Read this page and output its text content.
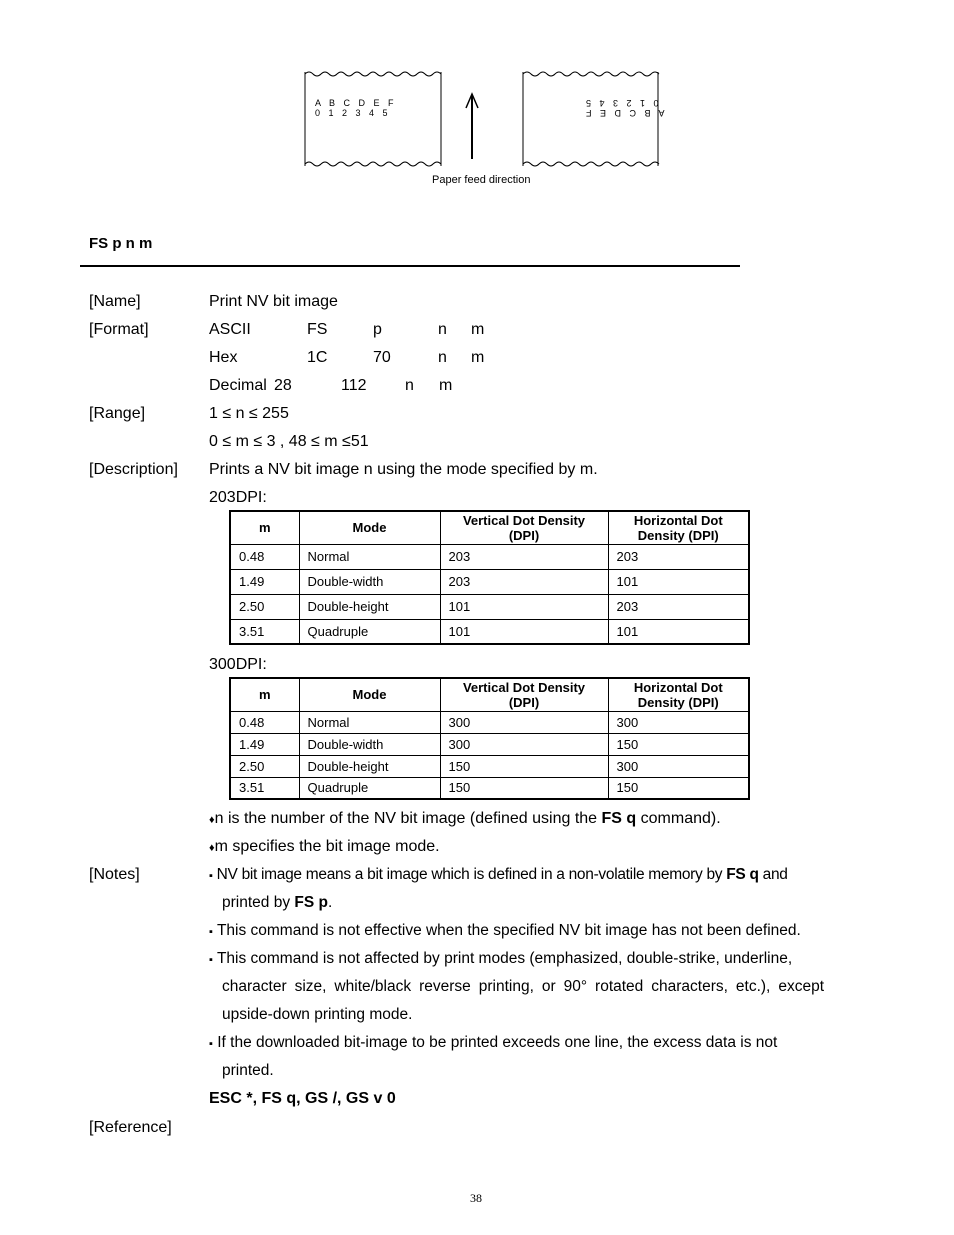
A B C D E F
0 1 2 3 4 5
0 1 2 3 4 5
A B C D E F
Paper feed direction
FS p n m
[Name]	Print NV bit image
[Format]	ASCII	FS	p	n m
Hex	1C	70	n m
Decimal 28	112 n m
[Range]	1 ≤ n ≤ 255
0 ≤ m ≤ 3 , 48 ≤ m ≤51
[Description] Prints a NV bit image n using the mode specified by m.
203DPI:
m	Mode	Vertical Dot Density (DPI)	Horizontal Dot Density (DPI)
0.48	Normal	203	203
1.49	Double-width	203	101
2.50	Double-height	101	203
3.51	Quadruple	101	101
300DPI:
m	Mode	Vertical Dot Density (DPI)	Horizontal Dot Density (DPI)
0.48	Normal	300	300
1.49	Double-width	300	150
2.50	Double-height	150	300
3.51	Quadruple	150	150
♦n is the number of the NV bit image (defined using the FS q command).
♦m specifies the bit image mode.
[Notes]	▪ NV bit image means a bit image which is defined in a non-volatile memory by FS q and
printed by FS p.
▪ This command is not effective when the specified NV bit image has not been defined.
▪ This command is not affected by print modes (emphasized, double-strike, underline,
character size, white/black reverse printing, or 90° rotated characters, etc.), except
upside-down printing mode.
▪ If the downloaded bit-image to be printed exceeds one line, the excess data is not
printed.
ESC *, FS q, GS /, GS v 0
[Reference]
38
